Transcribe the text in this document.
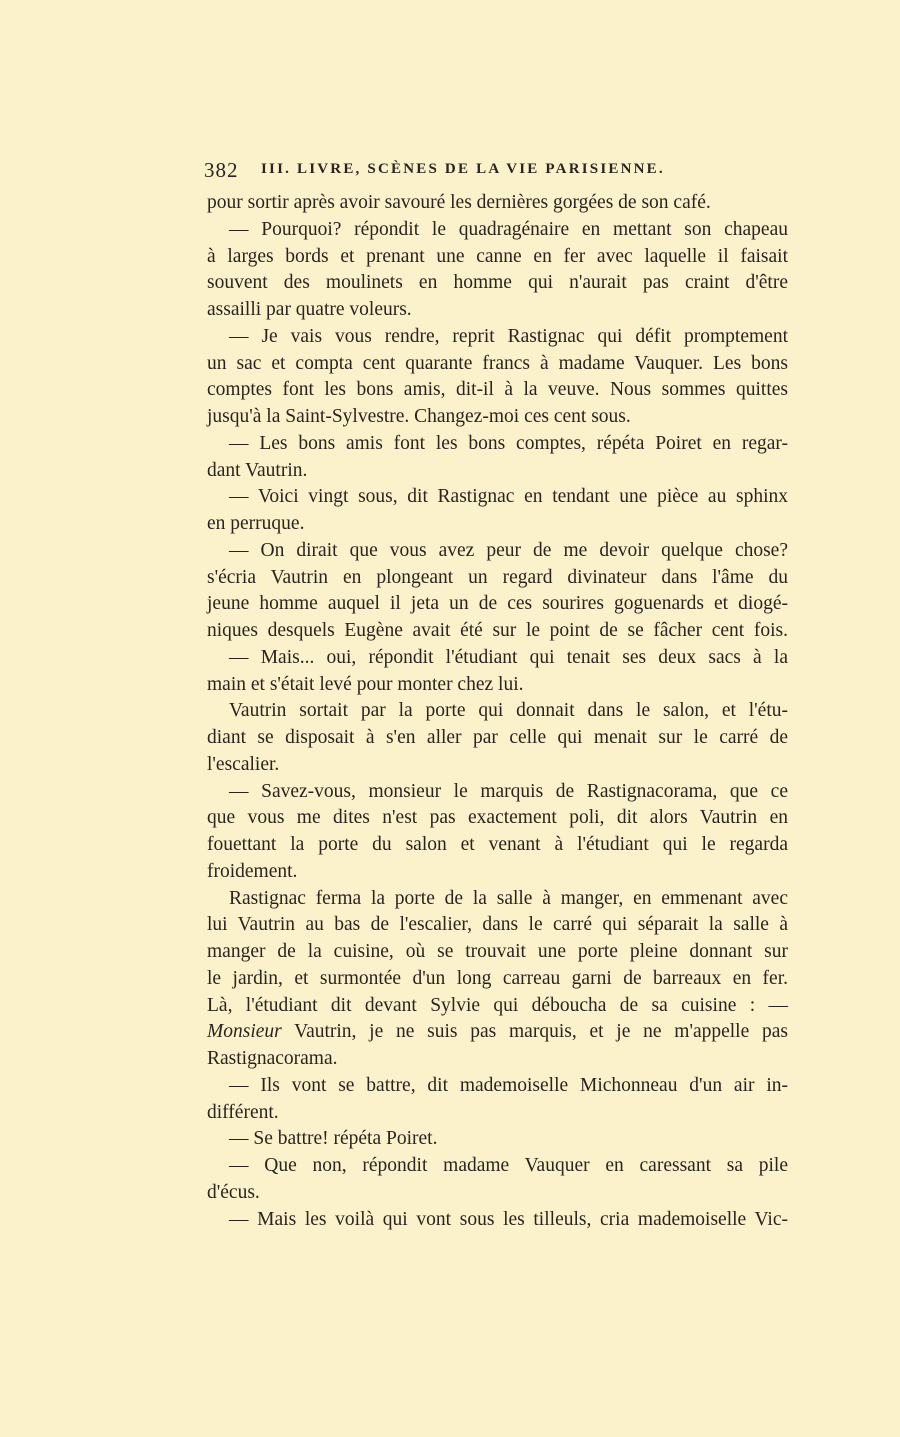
382 III. LIVRE, SCÈNES DE LA VIE PARISIENNE.
pour sortir après avoir savouré les dernières gorgées de son café.
— Pourquoi? répondit le quadragénaire en mettant son chapeau
à larges bords et prenant une canne en fer avec laquelle il faisait
souvent des moulinets en homme qui n'aurait pas craint d'être
assailli par quatre voleurs.
— Je vais vous rendre, reprit Rastignac qui défit promptement
un sac et compta cent quarante francs à madame Vauquer. Les bons
comptes font les bons amis, dit-il à la veuve. Nous sommes quittes
jusqu'à la Saint-Sylvestre. Changez-moi ces cent sous.
— Les bons amis font les bons comptes, répéta Poiret en regar-
dant Vautrin.
— Voici vingt sous, dit Rastignac en tendant une pièce au sphinx
en perruque.
— On dirait que vous avez peur de me devoir quelque chose?
s'écria Vautrin en plongeant un regard divinateur dans l'âme du
jeune homme auquel il jeta un de ces sourires goguenards et diogé-
niques desquels Eugène avait été sur le point de se fâcher cent fois.
— Mais... oui, répondit l'étudiant qui tenait ses deux sacs à la
main et s'était levé pour monter chez lui.
Vautrin sortait par la porte qui donnait dans le salon, et l'étu-
diant se disposait à s'en aller par celle qui menait sur le carré de
l'escalier.
— Savez-vous, monsieur le marquis de Rastignacorama, que ce
que vous me dites n'est pas exactement poli, dit alors Vautrin en
fouettant la porte du salon et venant à l'étudiant qui le regarda
froidement.
Rastignac ferma la porte de la salle à manger, en emmenant avec
lui Vautrin au bas de l'escalier, dans le carré qui séparait la salle à
manger de la cuisine, où se trouvait une porte pleine donnant sur
le jardin, et surmontée d'un long carreau garni de barreaux en fer.
Là, l'étudiant dit devant Sylvie qui déboucha de sa cuisine : —
Monsieur Vautrin, je ne suis pas marquis, et je ne m'appelle pas
Rastignacorama.
— Ils vont se battre, dit mademoiselle Michonneau d'un air in-
différent.
— Se battre! répéta Poiret.
— Que non, répondit madame Vauquer en caressant sa pile
d'écus.
— Mais les voilà qui vont sous les tilleuls, cria mademoiselle Vic-
